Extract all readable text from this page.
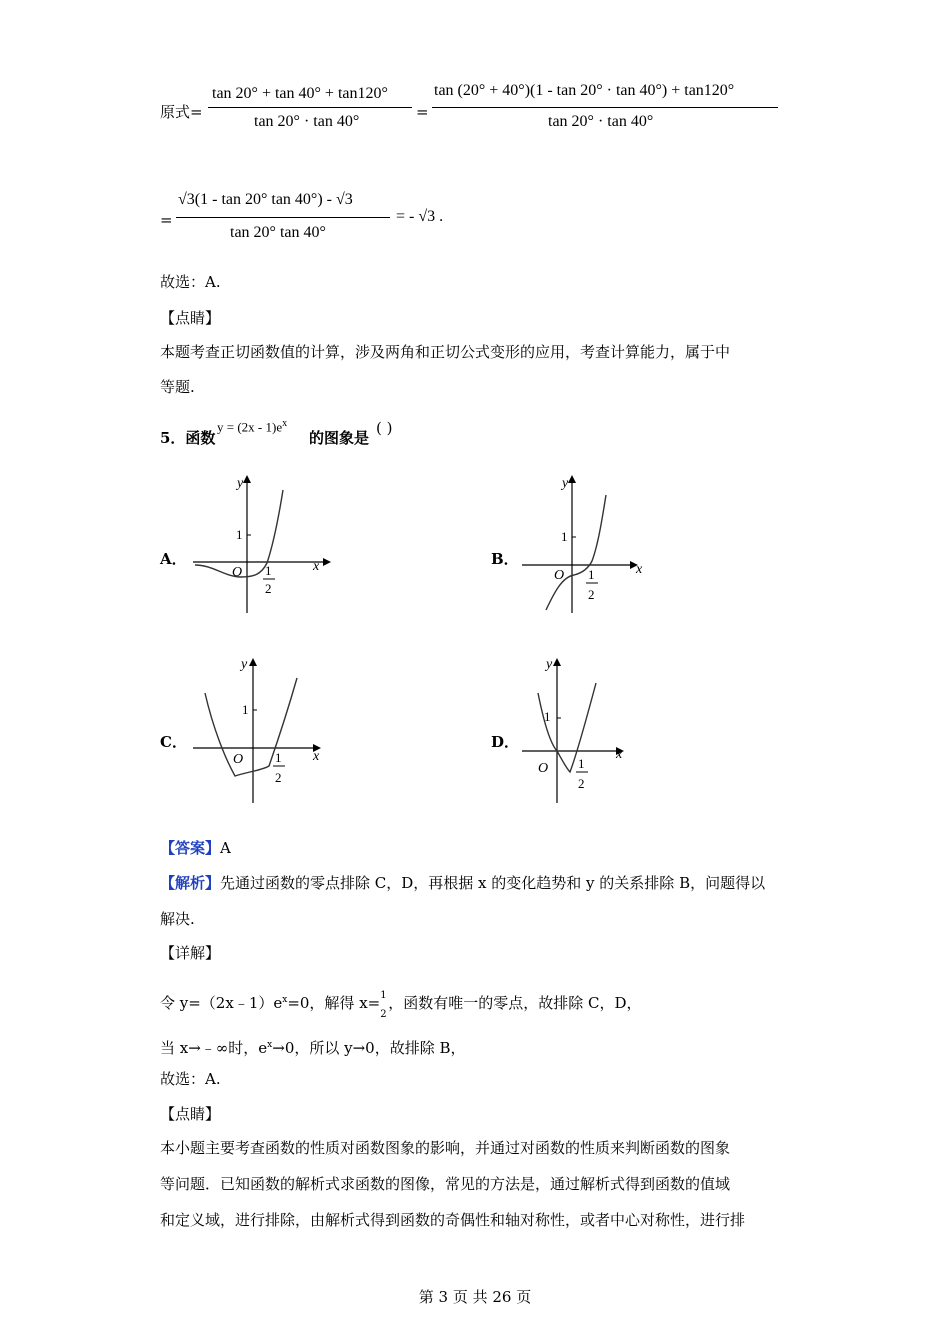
原式=
tan 20° + tan 40° + tan120°
tan 20° · tan 40°
=
tan (20° + 40°)(1 - tan 20° · tan 40°) + tan120°
tan 20° · tan 40°
=
√3(1 - tan 20° tan 40°) - √3
tan 20° tan 40°
= - √3 .
故选：A.
【点睛】
本题考查正切函数值的计算，涉及两角和正切公式变形的应用，考查计算能力，属于中
等题.
5．函数
$y = (2x - 1)e^x$
的图象是
( )
A．	B．
C．	D．
y
x
O
1
1
2
y
x
O
1
1
2
y
x
O
1
1
2
y
x
O
1
1
2
【答案】A
【解析】先通过函数的零点排除 C，D，再根据 x 的变化趋势和 y 的关系排除 B，问题得以
解决.
【详解】
令 $y=(2x﹣1)e^x=0$，解得 x= 1
2
，函数有唯一的零点，故排除 C，D，
当 x→﹣∞时，$e^x\to 0$，所以 y→0，故排除 B，
故选：A.
【点睛】
本小题主要考查函数的性质对函数图象的影响，并通过对函数的性质来判断函数的图象
等问题．已知函数的解析式求函数的图像，常见的方法是，通过解析式得到函数的值域
和定义域，进行排除，由解析式得到函数的奇偶性和轴对称性，或者中心对称性，进行排
第 3 页 共 26 页
